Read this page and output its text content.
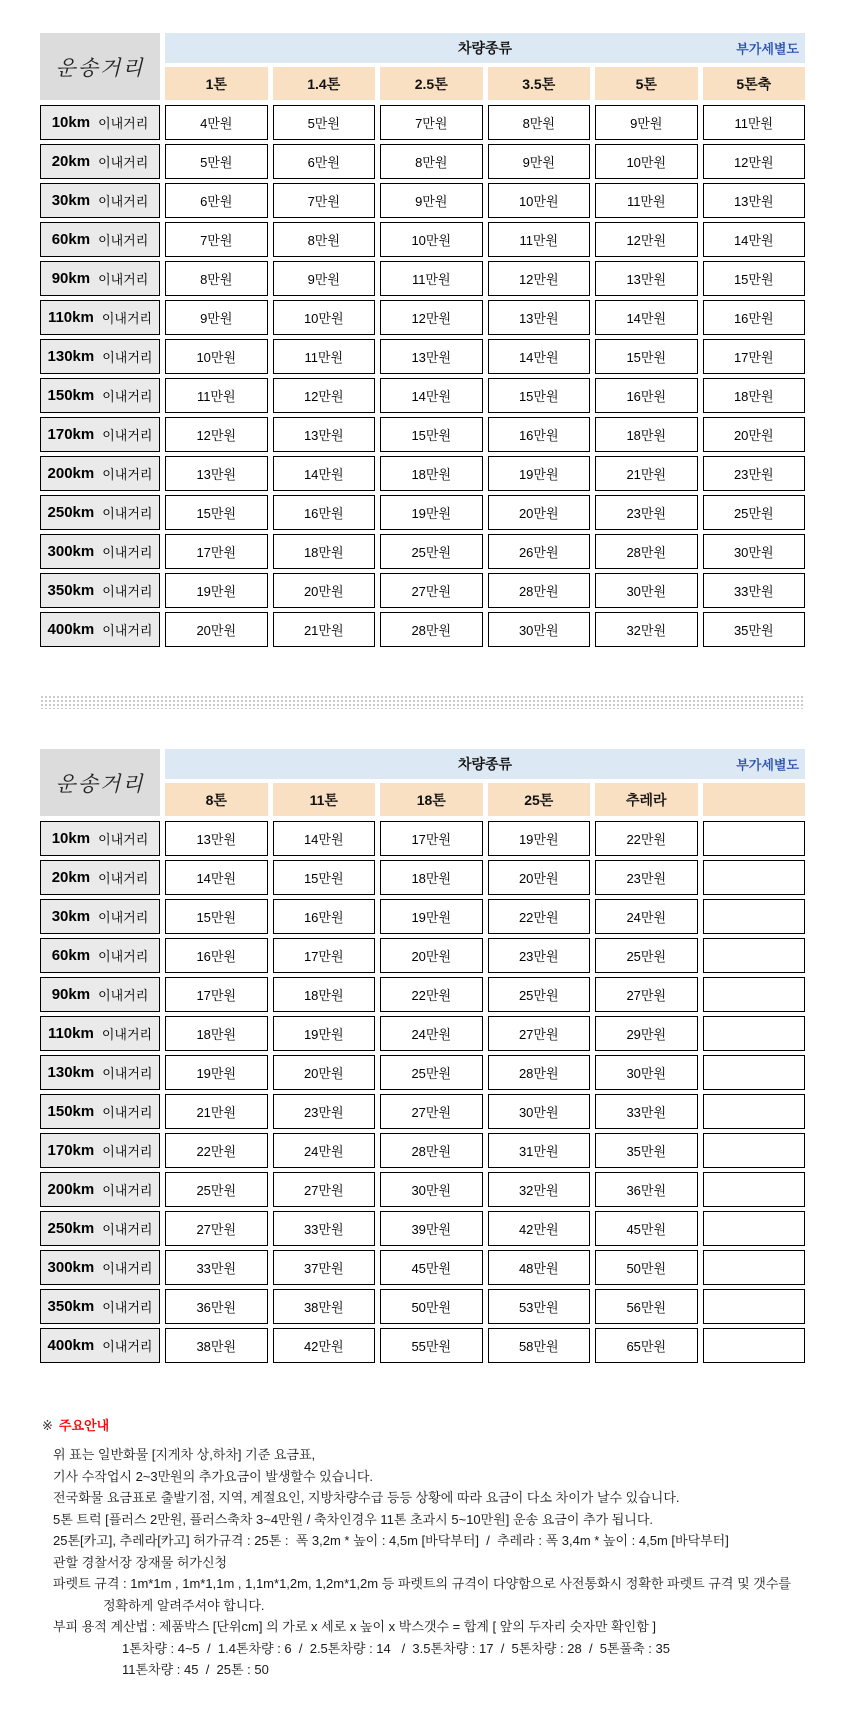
운송거리
차량종류	부가세별도
1톤	1.4톤	2.5톤	3.5톤	5톤	5톤축
10km 이내거리	4만원	5만원	7만원	8만원	9만원	11만원
20km 이내거리	5만원	6만원	8만원	9만원	10만원	12만원
30km 이내거리	6만원	7만원	9만원	10만원	11만원	13만원
60km 이내거리	7만원	8만원	10만원	11만원	12만원	14만원
90km 이내거리	8만원	9만원	11만원	12만원	13만원	15만원
110km 이내거리	9만원	10만원	12만원	13만원	14만원	16만원
130km 이내거리	10만원	11만원	13만원	14만원	15만원	17만원
150km 이내거리	11만원	12만원	14만원	15만원	16만원	18만원
170km 이내거리	12만원	13만원	15만원	16만원	18만원	20만원
200km 이내거리	13만원	14만원	18만원	19만원	21만원	23만원
250km 이내거리	15만원	16만원	19만원	20만원	23만원	25만원
300km 이내거리	17만원	18만원	25만원	26만원	28만원	30만원
350km 이내거리	19만원	20만원	27만원	28만원	30만원	33만원
400km 이내거리	20만원	21만원	28만원	30만원	32만원	35만원
운송거리
차량종류	부가세별도
8톤	11톤	18톤	25톤	추레라
10km 이내거리	13만원	14만원	17만원	19만원	22만원
20km 이내거리	14만원	15만원	18만원	20만원	23만원
30km 이내거리	15만원	16만원	19만원	22만원	24만원
60km 이내거리	16만원	17만원	20만원	23만원	25만원
90km 이내거리	17만원	18만원	22만원	25만원	27만원
110km 이내거리	18만원	19만원	24만원	27만원	29만원
130km 이내거리	19만원	20만원	25만원	28만원	30만원
150km 이내거리	21만원	23만원	27만원	30만원	33만원
170km 이내거리	22만원	24만원	28만원	31만원	35만원
200km 이내거리	25만원	27만원	30만원	32만원	36만원
250km 이내거리	27만원	33만원	39만원	42만원	45만원
300km 이내거리	33만원	37만원	45만원	48만원	50만원
350km 이내거리	36만원	38만원	50만원	53만원	56만원
400km 이내거리	38만원	42만원	55만원	58만원	65만원
※ 주요안내
위 표는 일반화물 [지게차 상,하차] 기준 요금표,
기사 수작업시 2~3만원의 추가요금이 발생할수 있습니다.
전국화물 요금표로 출발기점, 지역, 계절요인, 지방차량수급 등등 상황에 따라 요금이 다소 차이가 날수 있습니다.
5톤 트럭 [플러스 2만원, 플러스축차 3~4만원 / 축차인경우 11톤 초과시 5~10만원] 운송 요금이 추가 됩니다.
25톤[카고], 추레라[카고] 허가규격 : 25톤 :  폭 3,2m * 높이 : 4,5m [바닥부터]  /  추레라 : 폭 3,4m * 높이 : 4,5m [바닥부터]
관할 경찰서장 장재물 허가신청
파렛트 규격 : 1m*1m , 1m*1,1m , 1,1m*1,2m, 1,2m*1,2m 등 파렛트의 규격이 다양함으로 사전통화시 정확한 파렛트 규격 및 갯수를
정확하게 알려주셔야 합니다.
부피 용적 계산법 : 제품박스 [단위cm] 의 가로 x 세로 x 높이 x 박스갯수 = 합계 [ 앞의 두자리 숫자만 확인함 ]
1톤차량 : 4~5  /  1.4톤차량 : 6  /  2.5톤차량 : 14   /  3.5톤차량 : 17  /  5톤차량 : 28  /  5톤풀축 : 35
11톤차량 : 45  /  25톤 : 50
